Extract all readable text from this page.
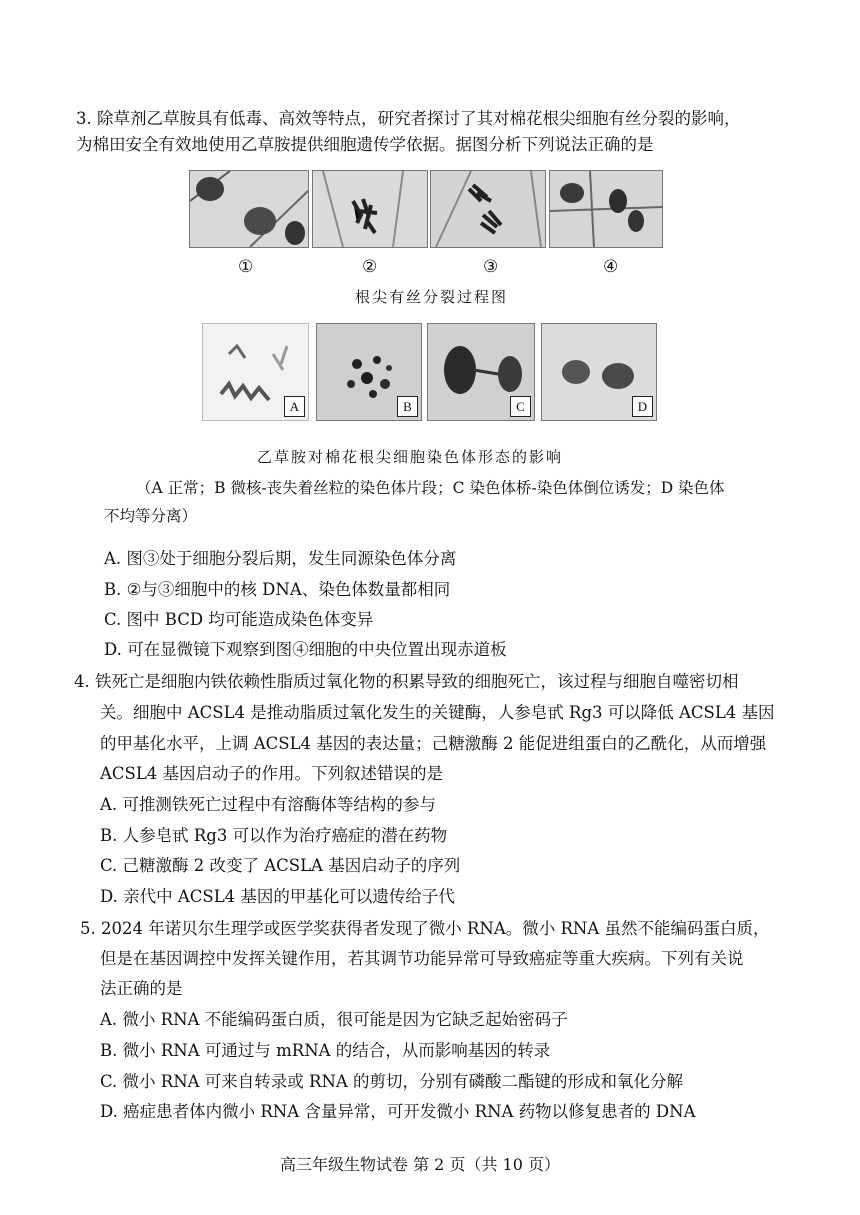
3. 除草剂乙草胺具有低毒、高效等特点，研究者探讨了其对棉花根尖细胞有丝分裂的影响，
为棉田安全有效地使用乙草胺提供细胞遗传学依据。据图分析下列说法正确的是
①	②	③	④
根尖有丝分裂过程图
A	B	C	D
乙草胺对棉花根尖细胞染色体形态的影响
（A 正常；B 微核-丧失着丝粒的染色体片段；C 染色体桥-染色体倒位诱发；D 染色体
不均等分离）
A. 图③处于细胞分裂后期，发生同源染色体分离
B. ②与③细胞中的核 DNA、染色体数量都相同
C. 图中 BCD 均可能造成染色体变异
D. 可在显微镜下观察到图④细胞的中央位置出现赤道板
4. 铁死亡是细胞内铁依赖性脂质过氧化物的积累导致的细胞死亡，该过程与细胞自噬密切相
关。细胞中 ACSL4 是推动脂质过氧化发生的关键酶，人参皂甙 Rg3 可以降低 ACSL4 基因
的甲基化水平，上调 ACSL4 基因的表达量；己糖激酶 2 能促进组蛋白的乙酰化，从而增强
ACSL4 基因启动子的作用。下列叙述错误的是
A. 可推测铁死亡过程中有溶酶体等结构的参与
B. 人参皂甙 Rg3 可以作为治疗癌症的潜在药物
C. 己糖激酶 2 改变了 ACSLA 基因启动子的序列
D. 亲代中 ACSL4 基因的甲基化可以遗传给子代
5. 2024 年诺贝尔生理学或医学奖获得者发现了微小 RNA。微小 RNA 虽然不能编码蛋白质，
但是在基因调控中发挥关键作用，若其调节功能异常可导致癌症等重大疾病。下列有关说
法正确的是
A. 微小 RNA 不能编码蛋白质，很可能是因为它缺乏起始密码子
B. 微小 RNA 可通过与 mRNA 的结合，从而影响基因的转录
C. 微小 RNA 可来自转录或 RNA 的剪切，分别有磷酸二酯键的形成和氧化分解
D. 癌症患者体内微小 RNA 含量异常，可开发微小 RNA 药物以修复患者的 DNA
高三年级生物试卷 第 2 页（共 10 页）
